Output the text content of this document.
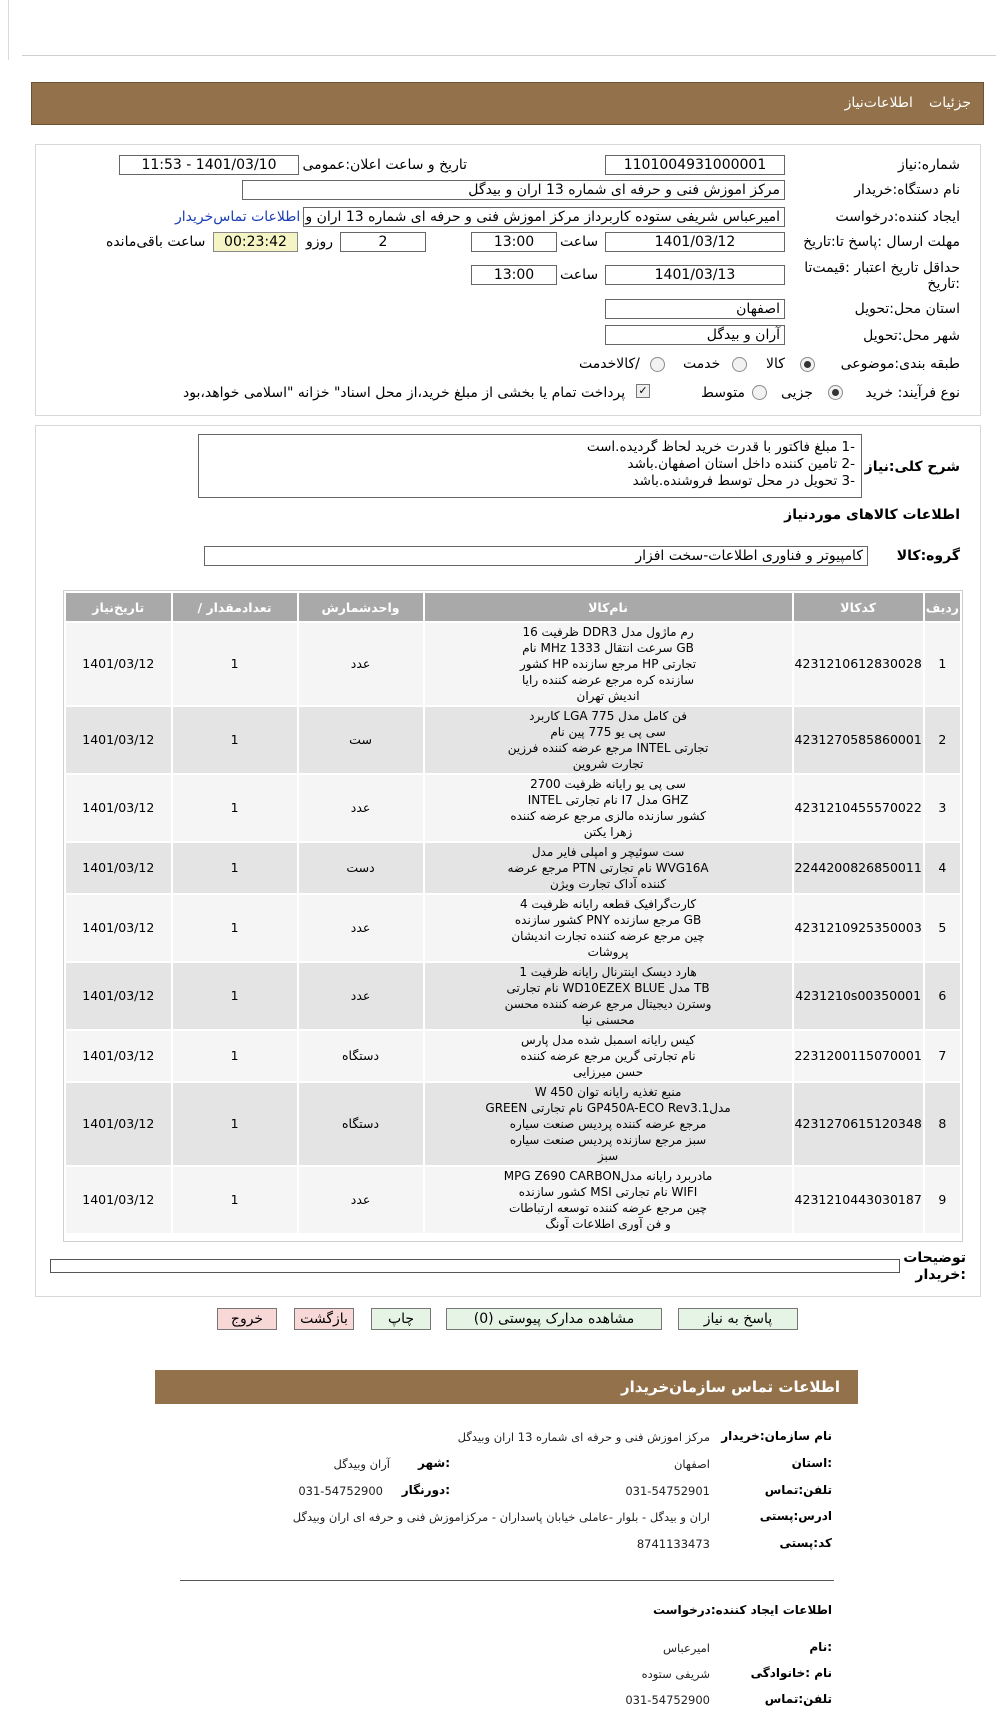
جزئیات اطلاعات‌نیاز
شماره:نیاز
1101004931000001
تاریخ و ساعت اعلان:عمومی
1401/03/10 - 11:53
نام دستگاه:خریدار
مرکز اموزش فنی و حرفه ای شماره 13 اران و بیدگل
ایجاد کننده:درخواست
امیرعباس شریفی ستوده کاربرداز مرکز اموزش فنی و حرفه ای شماره 13 اران و
اطلاعات تماس‌خریدار
مهلت ارسال :پاسخ تا:تاریخ
1401/03/12
ساعت
13:00
2
روزو
00:23:42
ساعت باقی‌مانده
حداقل تاریخ اعتبار :قیمت‌تا
:تاریخ
1401/03/13
ساعت
13:00
استان محل:تحویل
اصفهان
شهر محل:تحویل
آران و بیدگل
طبقه بندی:موضوعی
کالا
خدمت
/کالاخدمت
نوع فرآیند: خرید
جزیی
متوسط
✓
پرداخت تمام یا بخشی از مبلغ خرید،از محل اسناد" خزانه "اسلامی خواهد،بود
شرح کلی:نیاز
-1 مبلغ فاکتور با قدرت خرید لحاظ گردیده.است
-2 تامین کننده داخل استان اصفهان.باشد
-3 تحویل در محل توسط فروشنده.باشد
اطلاعات کالاهای موردنیاز
گروه:کالا
کامپیوتر و فناوری اطلاعات-سخت افزار
ردیف	کدکالا	نام‌کالا	واحدشمارش	تعدادمقدار /	تاریخ‌نیاز
1	4231210612830028	رم ماژول مدل DDR3 ظرفیت 16
GB سرعت انتقال 1333 MHz نام
تجارتی HP مرجع سازنده HP کشور
سازنده کره مرجع عرضه کننده رایا
اندیش تهران	عدد	1	1401/03/12
2	4231270585860001	فن کامل مدل 775 LGA کاربرد
سی پی یو 775 پین نام
تجارتی INTEL مرجع عرضه کننده فرزین
تجارت شروین	ست	1	1401/03/12
3	4231210455570022	سی پی یو رایانه ظرفیت 2700
GHZ مدل I7 نام تجارتی INTEL
کشور سازنده مالزی مرجع عرضه کننده
زهرا یکتن	عدد	1	1401/03/12
4	2244200826850011	ست سوئیچر و امپلی فایر مدل
WVG16A نام تجارتی PTN مرجع عرضه
کننده آداک تجارت ویژن	دست	1	1401/03/12
5	4231210925350003	کارت‌گرافیک قطعه رایانه ظرفیت 4
GB مرجع سازنده PNY کشور سازنده
چین مرجع عرضه کننده تجارت اندیشان
پروشات	عدد	1	1401/03/12
6	4231210s00350001	هارد دیسک اینترنال رایانه ظرفیت 1
TB مدل WD10EZEX BLUE نام تجارتی
وسترن دیجیتال مرجع عرضه کننده محسن
محسنی نیا	عدد	1	1401/03/12
7	2231200115070001	کیس رایانه اسمبل شده مدل پارس
نام تجارتی گرین مرجع عرضه کننده
حسن میرزایی	دستگاه	1	1401/03/12
8	4231270615120348	منبع تغذیه رایانه توان 450 W
مدلGP450A-ECO Rev3.1 نام تجارتی GREEN
مرجع عرضه کننده پردیس صنعت سیاره
سبز مرجع سازنده پردیس صنعت سیاره
سبز	دستگاه	1	1401/03/12
9	4231210443030187	مادربرد رایانه مدلMPG Z690 CARBON
WIFI نام تجارتی MSI کشور سازنده
چین مرجع عرضه کننده توسعه ارتباطات
و فن آوری اطلاعات آونگ	عدد	1	1401/03/12
توضیحات :خریدار
پاسخ به نیاز
مشاهده مدارک پیوستی (0)
چاپ
بازگشت
خروج
اطلاعات تماس سازمان‌خریدار
نام سازمان:خریدار
مرکز اموزش فنی و حرفه ای شماره 13 اران وبیدگل
:استان
اصفهان
:شهر
آران وبیدگل
تلفن:تماس
031-54752901
:دورنگار
031-54752900
ادرس:پستی
اران و بیدگل - بلوار -عاملی خیابان پاسداران - مرکزاموزش فنی و حرفه ای اران وبیدگل
کد:پستی
8741133473
اطلاعات ایجاد کننده:درخواست
:نام
امیرعباس
نام :خانوادگی
شریفی ستوده
تلفن:تماس
031-54752900
